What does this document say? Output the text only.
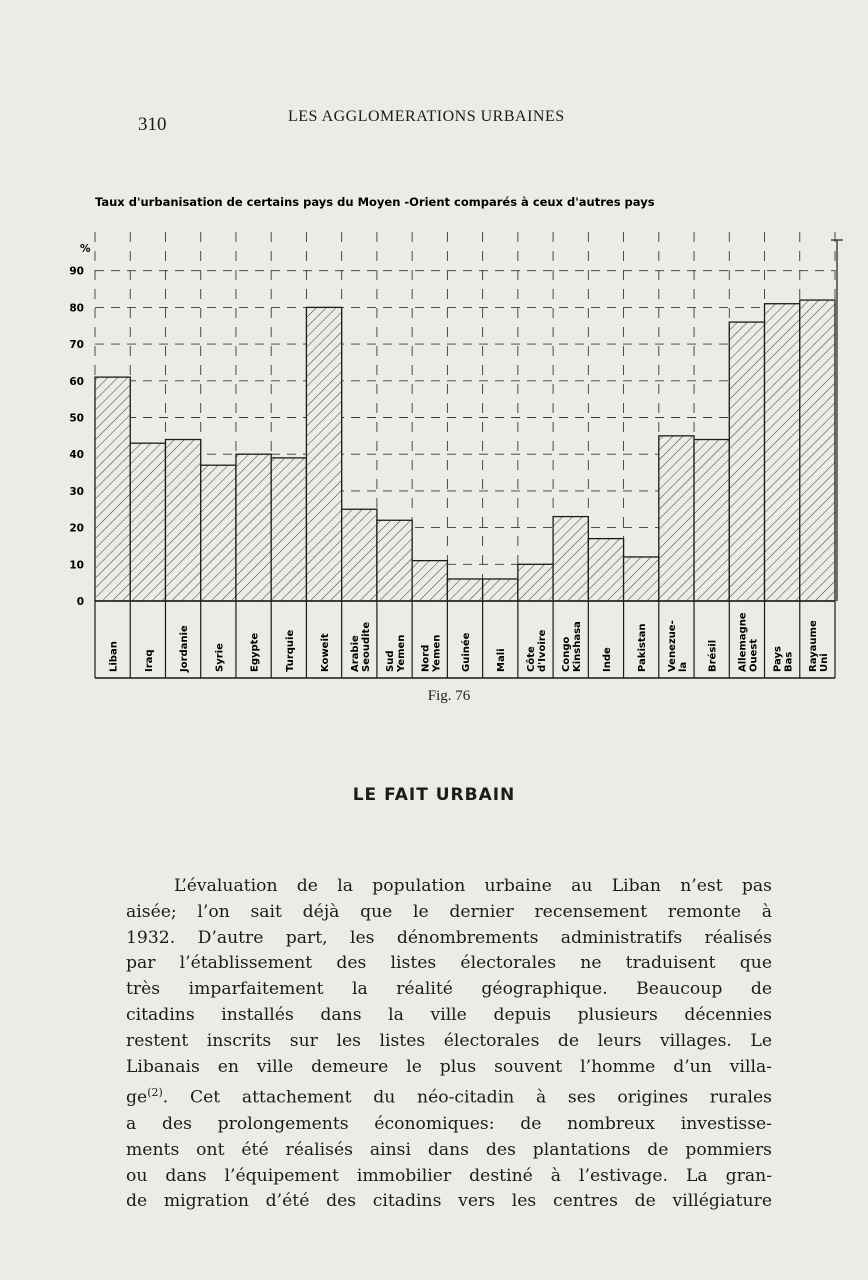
310	LES AGGLOMERATIONS URBAINES
Taux d'urbanisation de certains pays du Moyen -Orient comparés à ceux d'autres pays
%
0
10
20
30
40
50
60
70
80
90
Liban Iraq Jordanie Syrie Egypte Turquie Koweit Arabie Seoudite Sud Yemen Nord Yemen Guinée Mali Côte d'Ivoire Congo Kinshasa Inde Pakistan Venezue- la Brésil Allemagne Ouest Pays Bas Rayaume Uni
Fig. 76
LE FAIT URBAIN
L’évaluation de la population urbaine au Liban n’est pas
aisée; l’on sait déjà que le dernier recensement remonte à
1932. D’autre part, les dénombrements administratifs réalisés
par l’établissement des listes électorales ne traduisent que
très imparfaitement la réalité géographique. Beaucoup de
citadins installés dans la ville depuis plusieurs décennies
restent inscrits sur les listes électorales de leurs villages. Le
Libanais en ville demeure le plus souvent l’homme d’un villa-
$ge^{(2)}$. Cet attachement du néo-citadin à ses origines rurales
a des prolongements économiques: de nombreux investisse-
ments ont été réalisés ainsi dans des plantations de pommiers
ou dans l’équipement immobilier destiné à l’estivage. La gran-
de migration d’été des citadins vers les centres de villégiature
